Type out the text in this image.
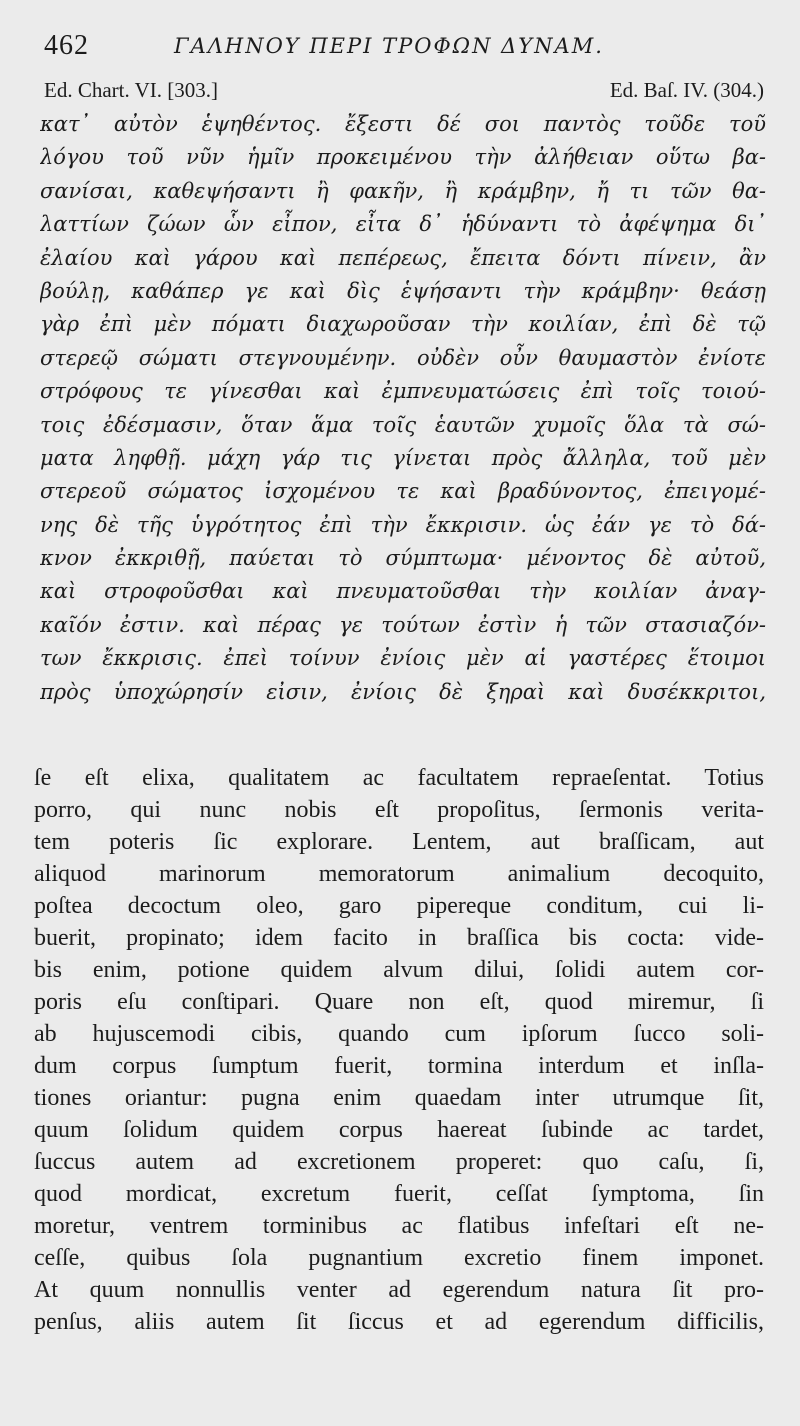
462	ΓΑΛΗΝΟΥ ΠΕΡΙ ΤΡΟΦΩΝ ΔΥΝΑΜ.
Ed. Chart. VI. [303.]	Ed. Baſ. IV. (304.)
κατ᾽ αὐτὸν ἑψηθέντος. ἔξεστι δέ σοι παντὸς τοῦδε τοῦ
λόγου τοῦ νῦν ἡμῖν προκειμένου τὴν ἀλήθειαν οὕτω βα-
σανίσαι, καθεψήσαντι ἢ φακῆν, ἢ κράμβην, ἤ τι τῶν θα-
λαττίων ζώων ὧν εἶπον, εἶτα δ᾽ ἡδύναντι τὸ ἀφέψημα δι᾽
ἐλαίου καὶ γάρου καὶ πεπέρεως, ἔπειτα δόντι πίνειν, ἂν
βούλῃ, καθάπερ γε καὶ δὶς ἑψήσαντι τὴν κράμβην· θεάσῃ
γὰρ ἐπὶ μὲν πόματι διαχωροῦσαν τὴν κοιλίαν, ἐπὶ δὲ τῷ
στερεῷ σώματι στεγνουμένην. οὐδὲν οὖν θαυμαστὸν ἐνίοτε
στρόφους τε γίνεσθαι καὶ ἐμπνευματώσεις ἐπὶ τοῖς τοιού-
τοις ἐδέσμασιν, ὅταν ἅμα τοῖς ἑαυτῶν χυμοῖς ὅλα τὰ σώ-
ματα ληφθῇ. μάχη γάρ τις γίνεται πρὸς ἄλληλα, τοῦ μὲν
στερεοῦ σώματος ἰσχομένου τε καὶ βραδύνοντος, ἐπειγομέ-
νης δὲ τῆς ὑγρότητος ἐπὶ τὴν ἔκκρισιν. ὡς ἐάν γε τὸ δά-
κνον ἐκκριθῇ, παύεται τὸ σύμπτωμα· μένοντος δὲ αὐτοῦ,
καὶ στροφοῦσθαι καὶ πνευματοῦσθαι τὴν κοιλίαν ἀναγ-
καῖόν ἐστιν. καὶ πέρας γε τούτων ἐστὶν ἡ τῶν στασιαζόν-
των ἔκκρισις. ἐπεὶ τοίνυν ἐνίοις μὲν αἱ γαστέρες ἕτοιμοι
πρὸς ὑποχώρησίν εἰσιν, ἐνίοις δὲ ξηραὶ καὶ δυσέκκριτοι,
ſe eſt elixa, qualitatem ac facultatem repraeſentat. Totius
porro, qui nunc nobis eſt propoſitus, ſermonis verita-
tem poteris ſic explorare. Lentem, aut braſſicam, aut
aliquod marinorum memoratorum animalium decoquito,
poſtea decoctum oleo, garo pipereque conditum, cui li-
buerit, propinato; idem facito in braſſica bis cocta: vide-
bis enim, potione quidem alvum dilui, ſolidi autem cor-
poris eſu conſtipari. Quare non eſt, quod miremur, ſi
ab hujuscemodi cibis, quando cum ipſorum ſucco soli-
dum corpus ſumptum fuerit, tormina interdum et inſla-
tiones oriantur: pugna enim quaedam inter utrumque ſit,
quum ſolidum quidem corpus haereat ſubinde ac tardet,
ſuccus autem ad excretionem properet: quo caſu, ſi,
quod mordicat, excretum fuerit, ceſſat ſymptoma, ſin
moretur, ventrem torminibus ac flatibus infeſtari eſt ne-
ceſſe, quibus ſola pugnantium excretio finem imponet.
At quum nonnullis venter ad egerendum natura ſit pro-
penſus, aliis autem ſit ſiccus et ad egerendum difficilis,
